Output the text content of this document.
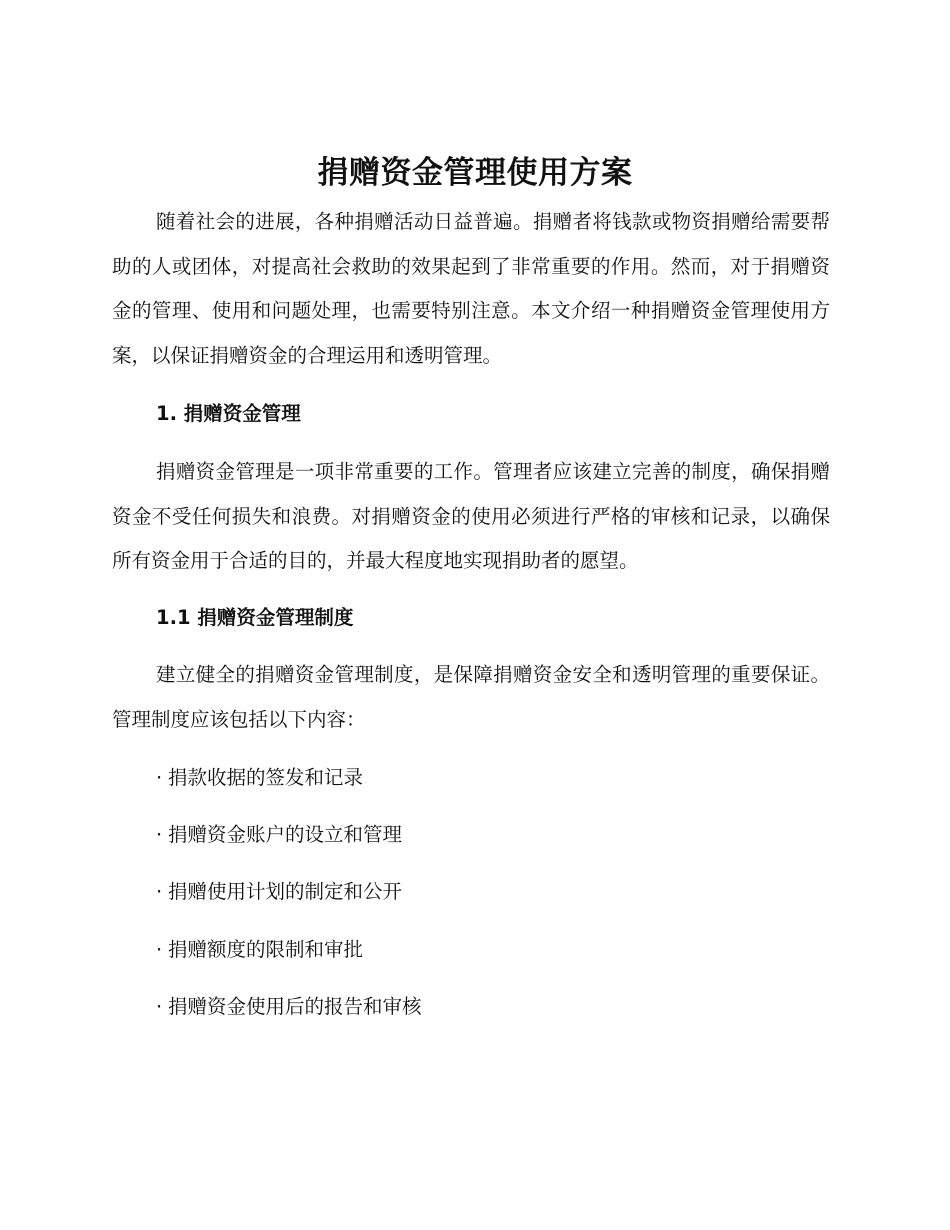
捐赠资金管理使用方案

随着社会的进展，各种捐赠活动日益普遍。捐赠者将钱款或物资捐赠给需要帮助的人或团体，对提高社会救助的效果起到了非常重要的作用。然而，对于捐赠资金的管理、使用和问题处理，也需要特别注意。本文介绍一种捐赠资金管理使用方案，以保证捐赠资金的合理运用和透明管理。

1. 捐赠资金管理

捐赠资金管理是一项非常重要的工作。管理者应该建立完善的制度，确保捐赠资金不受任何损失和浪费。对捐赠资金的使用必须进行严格的审核和记录，以确保所有资金用于合适的目的，并最大程度地实现捐助者的愿望。

1.1 捐赠资金管理制度

建立健全的捐赠资金管理制度，是保障捐赠资金安全和透明管理的重要保证。管理制度应该包括以下内容：

· 捐款收据的签发和记录
· 捐赠资金账户的设立和管理
· 捐赠使用计划的制定和公开
· 捐赠额度的限制和审批
· 捐赠资金使用后的报告和审核
